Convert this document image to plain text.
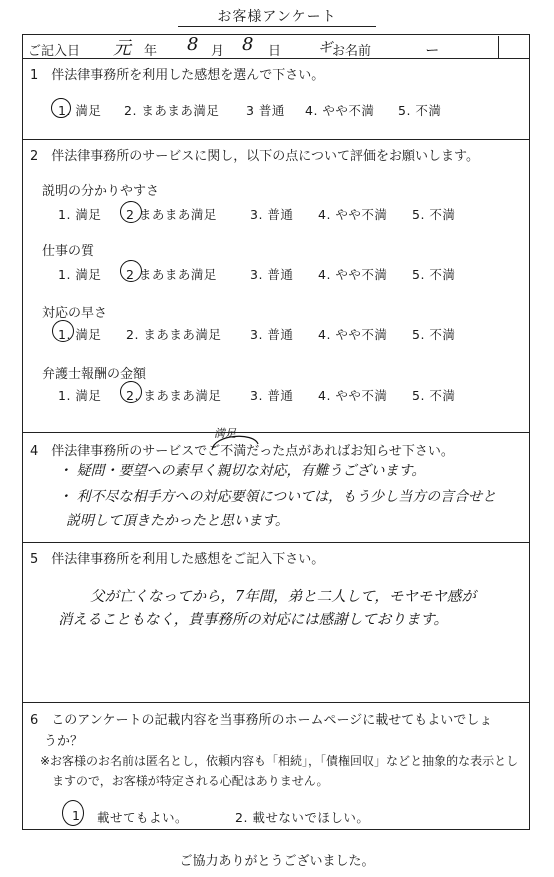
お客様アンケート
ご記入日 元 年 8 月 8 日	ギ お名前	ー
1　伴法律事務所を利用した感想を選んで下さい。
1. 満足 2. まあまあ満足 3 普通 4. やや不満 5. 不満
2　伴法律事務所のサービスに関し，以下の点について評価をお願いします。
説明の分かりやすさ
1. 満足 2 まあまあ満足	3. 普通 4. やや不満 5. 不満
仕事の質
1. 満足 2 まあまあ満足	3. 普通 4. やや不満 5. 不満
対応の早さ
1. 満足 2. まあまあ満足 3. 普通 4. やや不満 5. 不満
弁護士報酬の金額
1. 満足 2. まあまあ満足 3. 普通 4. やや不満 5. 不満
4　伴法律事務所のサービスでご不満だった点があればお知らせ下さい。
満足
・ 疑問・要望への素早く親切な対応，有難うございます。
・ 利不尽な相手方への対応要領については，もう少し当方の言合せと
説明して頂きたかったと思います。
5　伴法律事務所を利用した感想をご記入下さい。
父が亡くなってから，7年間，弟と二人して，モヤモヤ感が
消えることもなく，貴事務所の対応には感謝しております。
6　このアンケートの記載内容を当事務所のホームページに載せてもよいでしょ
うか？
※お客様のお名前は匿名とし，依頼内容も「相続」，「債権回収」などと抽象的な表示とし
ますので，お客様が特定される心配はありません。
1 載せてもよい。	2. 載せないでほしい。
ご協力ありがとうございました。
